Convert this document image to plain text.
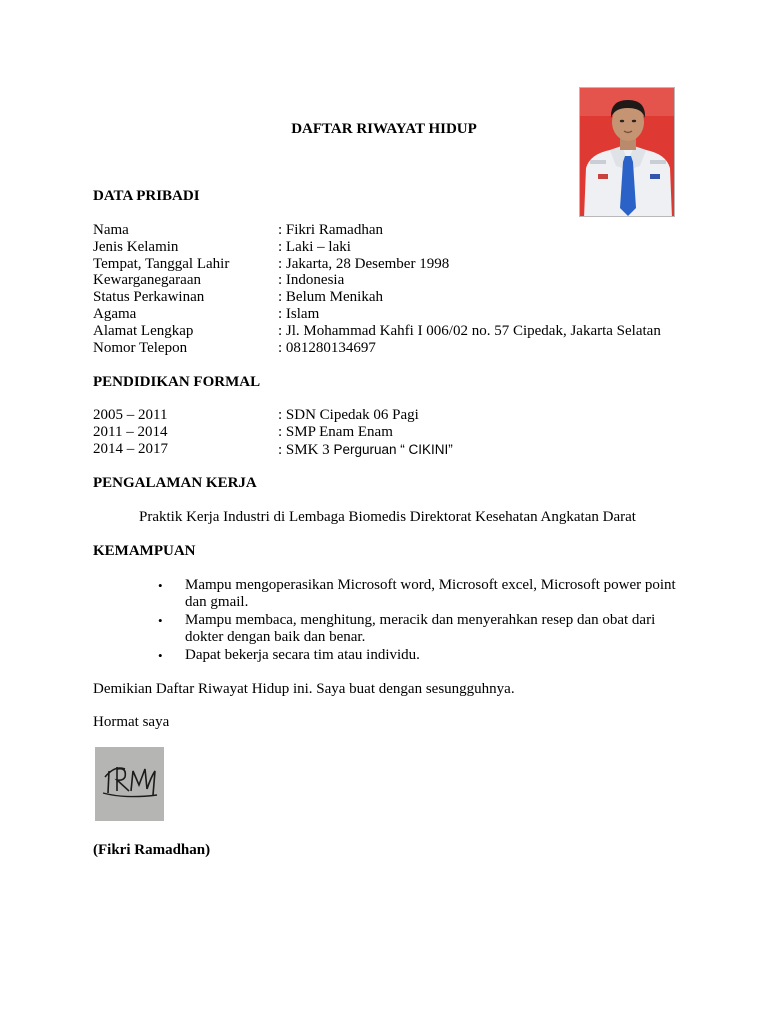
DAFTAR RIWAYAT HIDUP
DATA PRIBADI
Nama	: Fikri Ramadhan
Jenis Kelamin	: Laki – laki
Tempat, Tanggal Lahir	: Jakarta, 28 Desember 1998
Kewarganegaraan	: Indonesia
Status Perkawinan	: Belum Menikah
Agama	: Islam
Alamat Lengkap	: Jl. Mohammad Kahfi I 006/02 no. 57 Cipedak, Jakarta Selatan
Nomor Telepon	: 081280134697
PENDIDIKAN FORMAL
2005 – 2011	: SDN Cipedak 06 Pagi
2011 – 2014	: SMP Enam Enam
2014 – 2017	: SMK 3 Perguruan “ CIKINI”
PENGALAMAN KERJA
Praktik Kerja Industri di Lembaga Biomedis Direktorat Kesehatan Angkatan Darat
KEMAMPUAN
• Mampu mengoperasikan Microsoft word, Microsoft excel, Microsoft power point dan gmail.
• Mampu membaca, menghitung, meracik dan menyerahkan resep dan obat dari dokter dengan baik dan benar.
• Dapat bekerja secara tim atau individu.
Demikian Daftar Riwayat Hidup ini. Saya buat dengan sesungguhnya.
Hormat saya
(Fikri Ramadhan)
